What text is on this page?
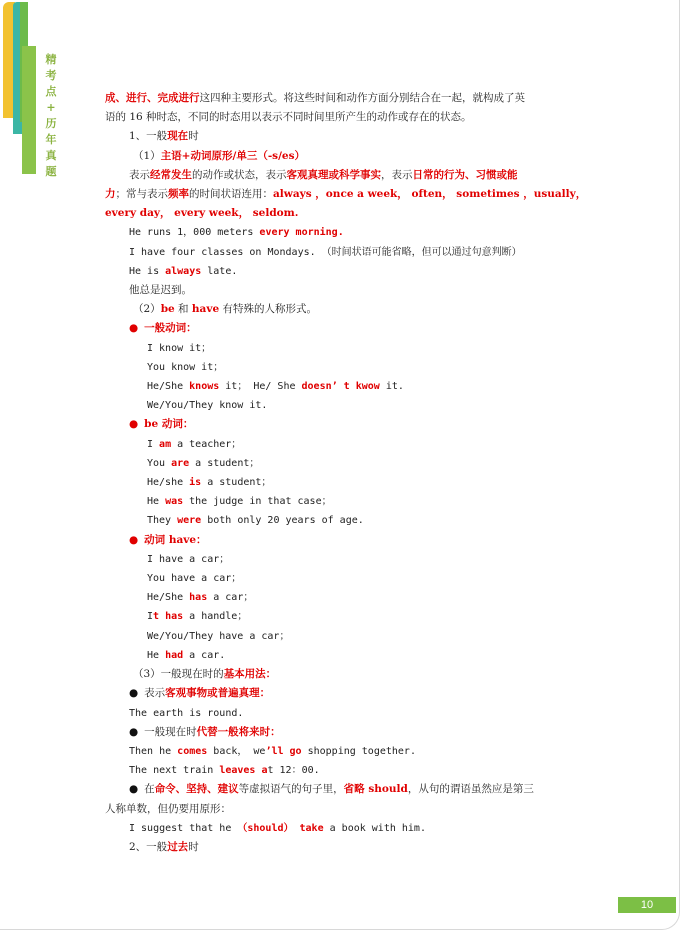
精
考
点
+
历
年
真
题

成、进行、完成进行这四种主要形式。将这些时间和动作方面分别结合在一起，就构成了英

语的 16 种时态，不同的时态用以表示不同时间里所产生的动作或存在的状态。

1、一般现在时

（1）主语+动词原形/单三（-s/es）

表示经常发生的动作或状态，表示客观真理或科学事实，表示日常的行为、习惯或能

力；常与表示频率的时间状语连用：always ，once a week， often， sometimes ，usually，

every day， every week， seldom.

He runs 1，000 meters every morning.

I have four classes on Mondays. （时间状语可能省略，但可以通过句意判断）

He is always late.

他总是迟到。

（2）be 和 have 有特殊的人称形式。

● 一般动词：

I know it；

You know it；

He/She knows it； He/ She doesn’ t kwow it.

We/You/They know it.

● be 动词：

I am a teacher；

You are a student；

He/she is a student；

He was the judge in that case；

They were both only 20 years of age.

● 动词 have：

I have a car；

You have a car；

He/She has a car；

It has a handle；

We/You/They have a car；

He had a car.

（3）一般现在时的基本用法：

● 表示客观事物或普遍真理：

The earth is round.

● 一般现在时代替一般将来时：

Then he comes back， we’ll go shopping together.

The next train leaves at 12：00.

● 在命令、坚持、建议等虚拟语气的句子里，省略 should，从句的谓语虽然应是第三

人称单数，但仍要用原形：

I suggest that he （should） take a book with him.

2、一般过去时

10
